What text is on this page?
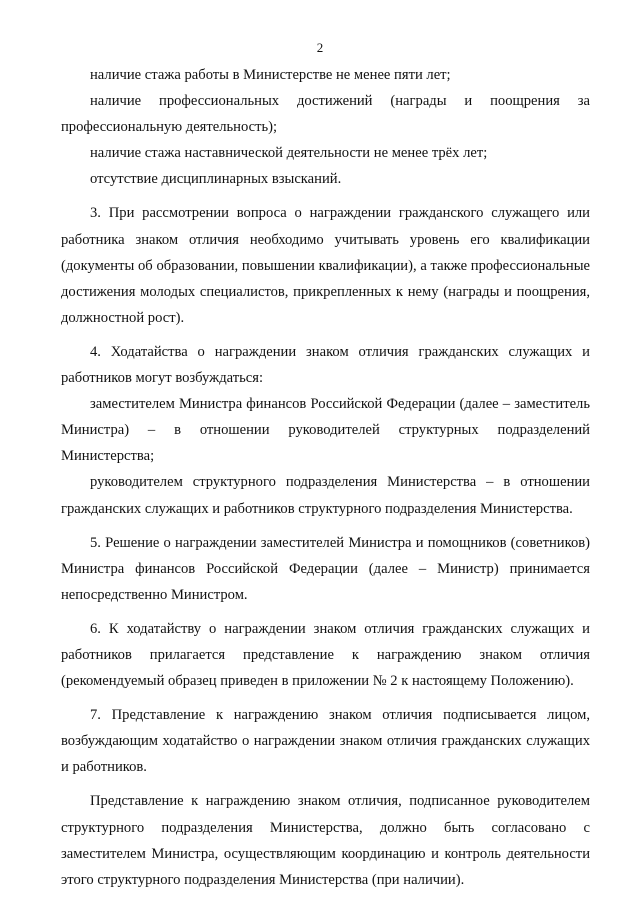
2

наличие стажа работы в Министерстве не менее пяти лет;

наличие профессиональных достижений (награды и поощрения за профессиональную деятельность);

наличие стажа наставнической деятельности не менее трёх лет;

отсутствие дисциплинарных взысканий.

3. При рассмотрении вопроса о награждении гражданского служащего или работника знаком отличия необходимо учитывать уровень его квалификации (документы об образовании, повышении квалификации), а также профессиональные достижения молодых специалистов, прикрепленных к нему (награды и поощрения, должностной рост).

4. Ходатайства о награждении знаком отличия гражданских служащих и работников могут возбуждаться:

заместителем Министра финансов Российской Федерации (далее – заместитель Министра) – в отношении руководителей структурных подразделений Министерства;

руководителем структурного подразделения Министерства – в отношении гражданских служащих и работников структурного подразделения Министерства.

5. Решение о награждении заместителей Министра и помощников (советников) Министра финансов Российской Федерации (далее – Министр) принимается непосредственно Министром.

6. К ходатайству о награждении знаком отличия гражданских служащих и работников прилагается представление к награждению знаком отличия (рекомендуемый образец приведен в приложении № 2 к настоящему Положению).

7. Представление к награждению знаком отличия подписывается лицом, возбуждающим ходатайство о награждении знаком отличия гражданских служащих и работников.

Представление к награждению знаком отличия, подписанное руководителем структурного подразделения Министерства, должно быть согласовано с заместителем Министра, осуществляющим координацию и контроль деятельности этого структурного подразделения Министерства (при наличии).
